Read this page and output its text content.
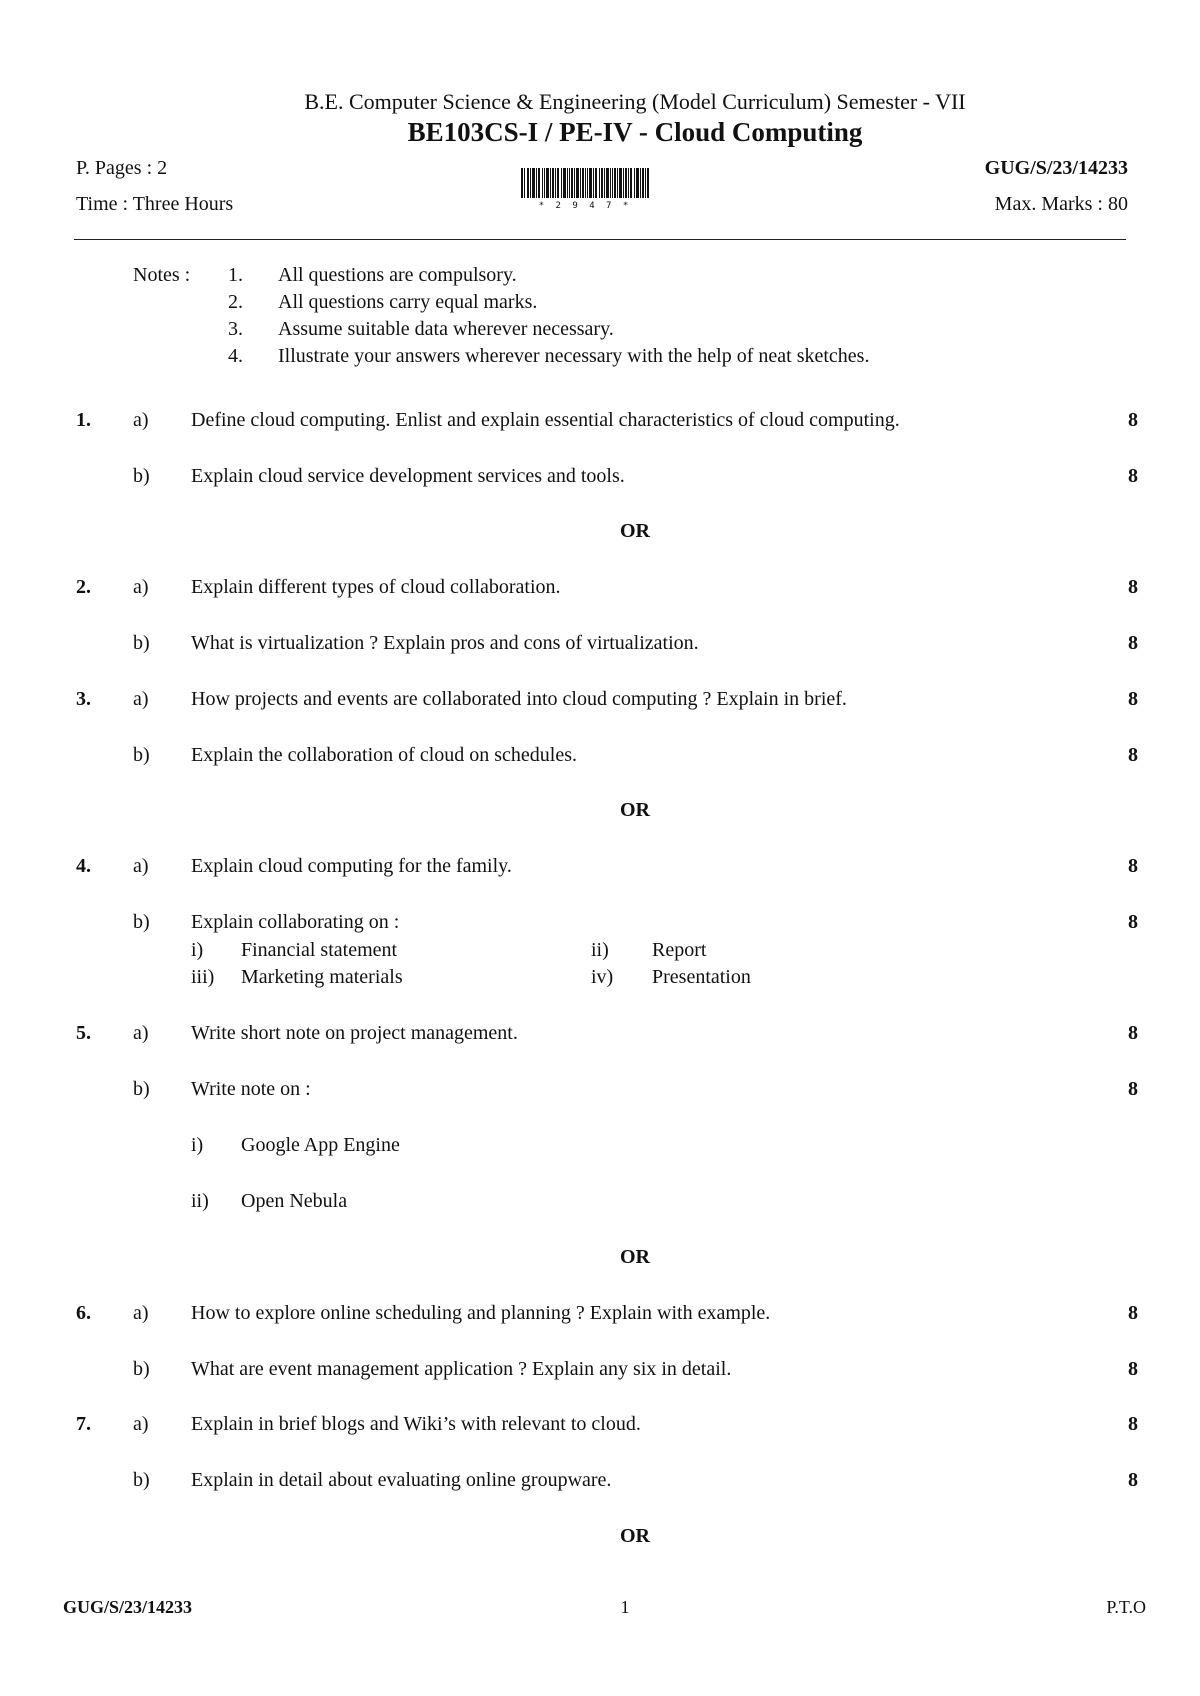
B.E. Computer Science & Engineering (Model Curriculum) Semester - VII
BE103CS-I / PE-IV - Cloud Computing
P. Pages : 2	GUG/S/23/14233
Time : Three Hours	Max. Marks : 80
* 2 9 4 7 *
Notes : 1. All questions are compulsory.
2. All questions carry equal marks.
3. Assume suitable data wherever necessary.
4. Illustrate your answers wherever necessary with the help of neat sketches.
1. a) Define cloud computing. Enlist and explain essential characteristics of cloud computing.	8
b) Explain cloud service development services and tools.	8
OR
2. a) Explain different types of cloud collaboration.	8
b) What is virtualization ? Explain pros and cons of virtualization.	8
3. a) How projects and events are collaborated into cloud computing ? Explain in brief.	8
b) Explain the collaboration of cloud on schedules.	8
OR
4. a) Explain cloud computing for the family.	8
b) Explain collaborating on :	8
i) Financial statement	ii) Report
iii) Marketing materials	iv) Presentation
5. a) Write short note on project management.	8
b) Write note on :	8
i) Google App Engine
ii) Open Nebula
OR
6. a) How to explore online scheduling and planning ? Explain with example.	8
b) What are event management application ? Explain any six in detail.	8
7. a) Explain in brief blogs and Wiki’s with relevant to cloud.	8
b) Explain in detail about evaluating online groupware.	8
OR
GUG/S/23/14233	1	P.T.O
